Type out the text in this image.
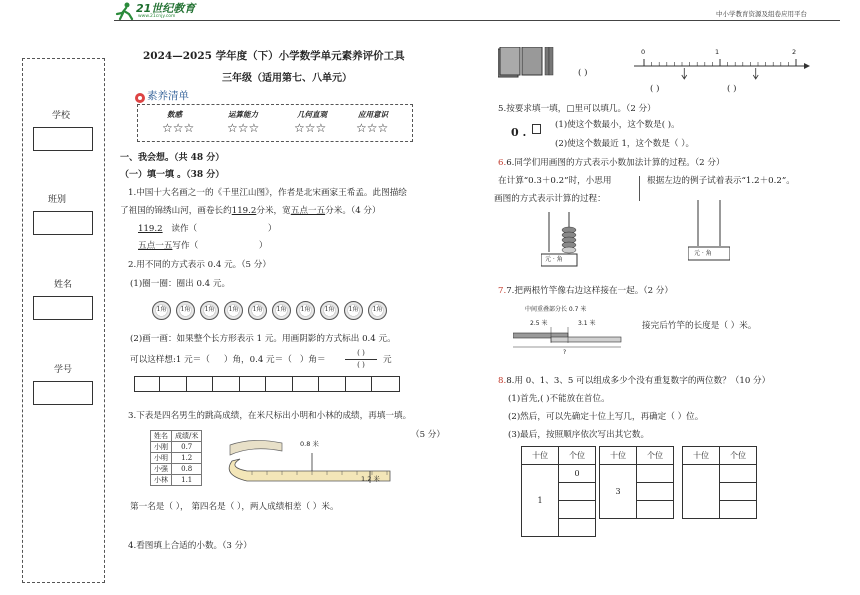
21世纪教育
www.21cnjy.com	中小学教育资源及组卷应用平台
学校
班别
姓名
学号
2024—2025 学年度（下）小学数学单元素养评价工具
三年级（适用第七、八单元）
素养清单
数感
☆☆☆
运算能力
☆☆☆
几何直观
☆☆☆
应用意识
☆☆☆
一、我会想。（共 48 分）
（一）填一填 。（38 分）
1.中国十大名画之一的《千里江山图》，作者是北宋画家王希孟。此图描绘
了祖国的锦绣山河，画卷长约119.2分米，宽五点一五分米。（4 分）
119.2 读作（	）
五点一五写作（	）
2.用不同的方式表示 0.4 元。（5 分）
(1)圈一圈：圈出 0.4 元。
1角	1角	1角	1角	1角	1角	1角	1角	1角	1角
(2)画一画：如果整个长方形表示 1 元。用画阴影的方式标出 0.4 元。
可以这样想:1 元＝（ ）角，0.4 元＝（ ）角＝
( )
( )	元
3.下表是四名男生的跳高成绩，在米尺标出小明和小林的成绩，再填一填。
（5 分）
姓名	成绩/米
小刚	0.7
小明	1.2
小强	0.8
小林	1.1
0.8 米
1.2 米
第一名是（ ）， 第四名是（ ），两人成绩相差（ ）米。
4.看图填上合适的小数。（3 分）
( )
0	1	2
( )	( )
5.按要求填一填，□里可以填几。（2 分）
0 .
(1)使这个数最小，这个数是( )。
(2)使这个数最近 1，这个数是（ ）。
6.6.同学们用画图的方式表示小数加法计算的过程。（2 分）
在计算“0.3＋0.2”时，小思用
画图的方式表示计算的过程：
根据左边的例子试着表示“1.2＋0.2”。
元 · 角
元 · 角
7.7.把两根竹竿像右边这样接在一起。（2 分）
中间重叠部分长 0.7 米
2.5 米	3.1 米
?
接完后竹竿的长度是（ ）米。
8.8.用 0、1、3、5 可以组成多少个没有重复数字的两位数？（10 分）
(1)首先,( )不能放在首位。
(2)然后，可以先确定十位上写几，再确定（ ）位。
(3)最后，按照顺序依次写出其它数。
十位	个位
1	0

十位	个位
3	

十位	个位
